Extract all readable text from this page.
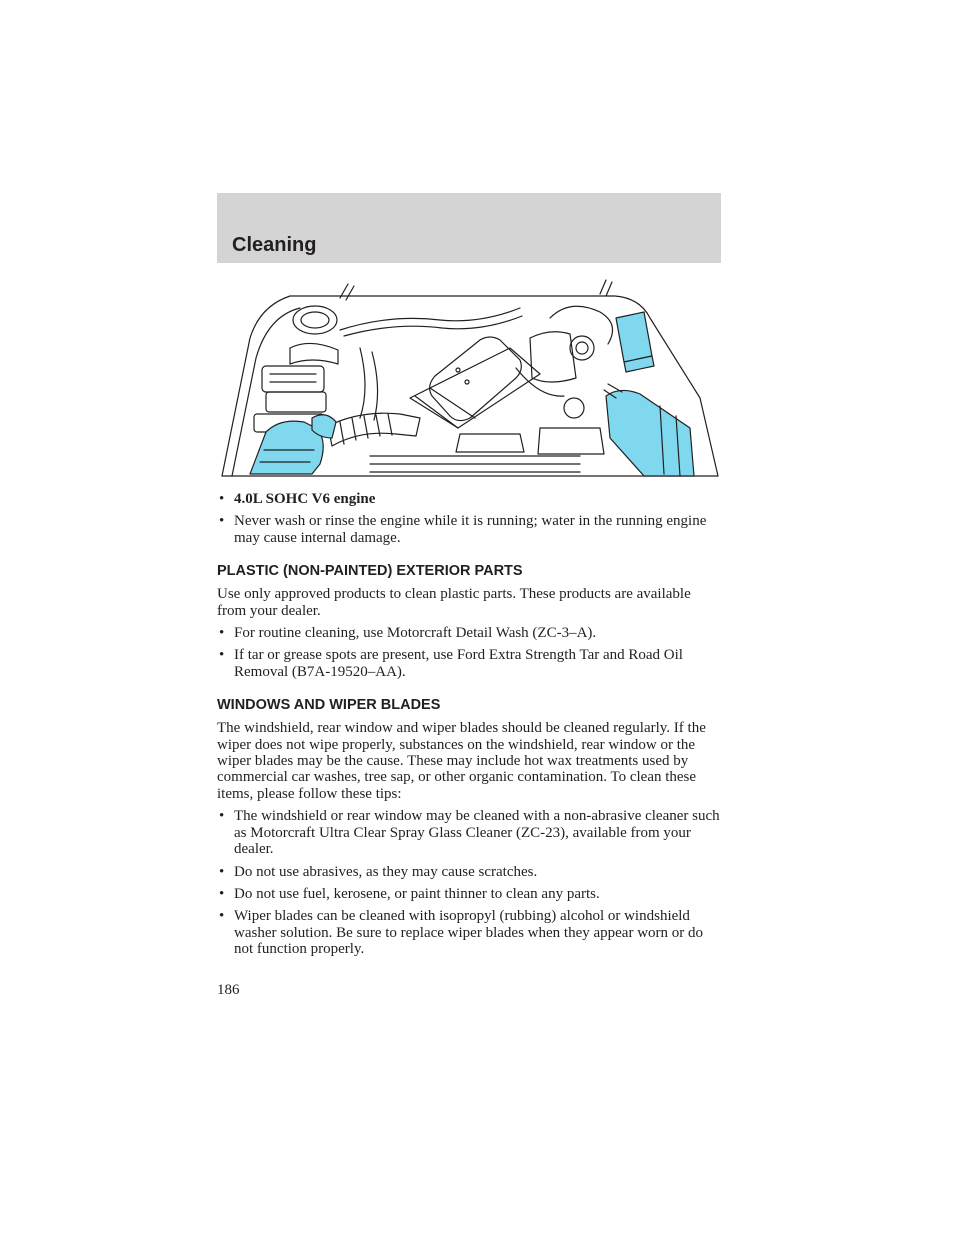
Cleaning
• 4.0L SOHC V6 engine
• Never wash or rinse the engine while it is running; water in the running engine may cause internal damage.
PLASTIC (NON-PAINTED) EXTERIOR PARTS

Use only approved products to clean plastic parts. These products are available from your dealer.

• For routine cleaning, use Motorcraft Detail Wash (ZC-3–A).
• If tar or grease spots are present, use Ford Extra Strength Tar and Road Oil Removal (B7A-19520–AA).
WINDOWS AND WIPER BLADES

The windshield, rear window and wiper blades should be cleaned regularly. If the wiper does not wipe properly, substances on the windshield, rear window or the wiper blades may be the cause. These may include hot wax treatments used by commercial car washes, tree sap, or other organic contamination. To clean these items, please follow these tips:

• The windshield or rear window may be cleaned with a non-abrasive cleaner such as Motorcraft Ultra Clear Spray Glass Cleaner (ZC-23), available from your dealer.
• Do not use abrasives, as they may cause scratches.
• Do not use fuel, kerosene, or paint thinner to clean any parts.
• Wiper blades can be cleaned with isopropyl (rubbing) alcohol or windshield washer solution. Be sure to replace wiper blades when they appear worn or do not function properly.
186
